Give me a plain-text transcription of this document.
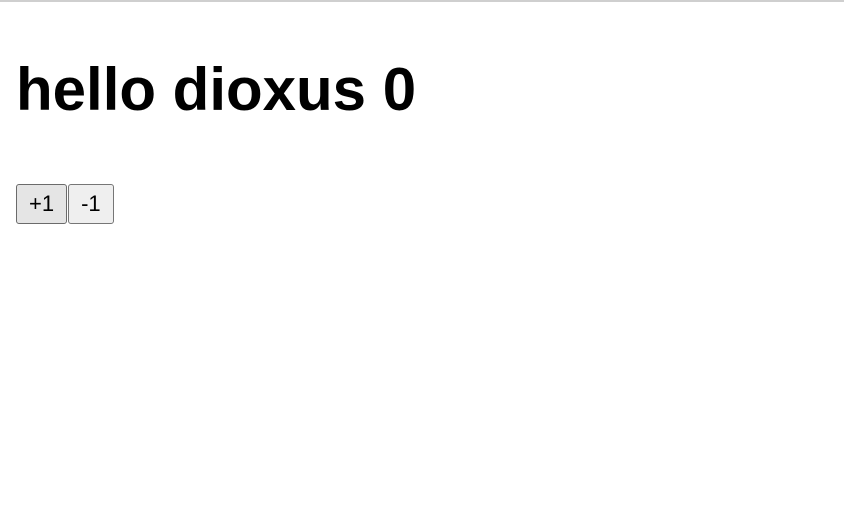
hello dioxus 0
+1	-1
